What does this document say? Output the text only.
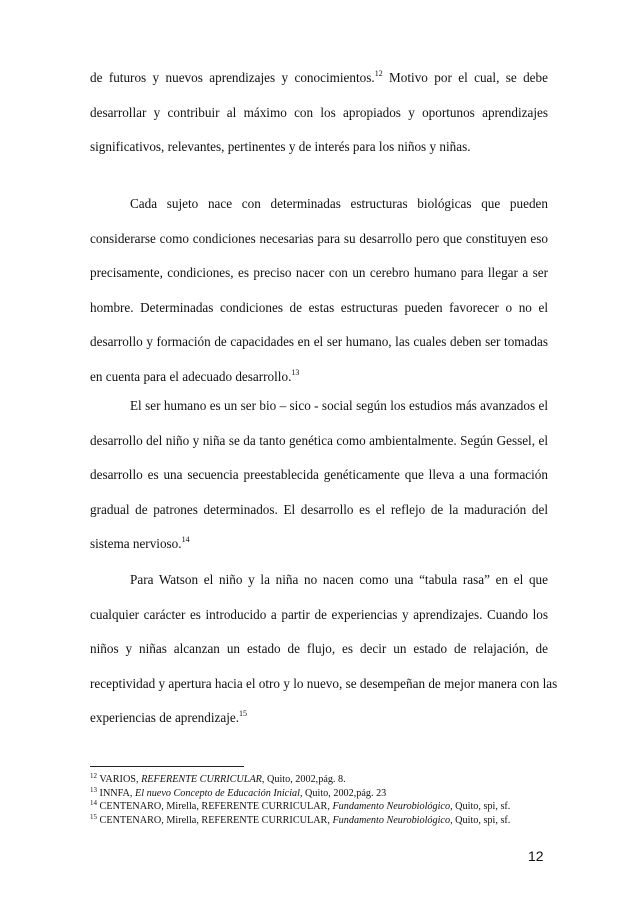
de futuros y nuevos aprendizajes y conocimientos.$^{12}$ Motivo por el cual, se debe
desarrollar y contribuir al máximo con los apropiados y oportunos aprendizajes
significativos, relevantes, pertinentes y de interés para los niños y niñas.
Cada sujeto nace con determinadas estructuras biológicas que pueden
considerarse como condiciones necesarias para su desarrollo pero que constituyen eso
precisamente, condiciones, es preciso nacer con un cerebro humano para llegar a ser
hombre. Determinadas condiciones de estas estructuras pueden favorecer o no el
desarrollo y formación de capacidades en el ser humano, las cuales deben ser tomadas
en cuenta para el adecuado desarrollo.$^{13}$
El ser humano es un ser bio – sico - social según los estudios más avanzados el
desarrollo del niño y niña se da tanto genética como ambientalmente. Según Gessel, el
desarrollo es una secuencia preestablecida genéticamente que lleva a una formación
gradual de patrones determinados. El desarrollo es el reflejo de la maduración del
sistema nervioso.$^{14}$
Para Watson el niño y la niña no nacen como una “tabula rasa” en el que
cualquier carácter es introducido a partir de experiencias y aprendizajes. Cuando los
niños y niñas alcanzan un estado de flujo, es decir un estado de relajación, de
receptividad y apertura hacia el otro y lo nuevo, se desempeñan de mejor manera con las
experiencias de aprendizaje.$^{15}$
$^{12}$ VARIOS, REFERENTE CURRICULAR, Quito, 2002,pág. 8.
$^{13}$ INNFA, El nuevo Concepto de Educación Inicial, Quito, 2002,pág. 23
$^{14}$ CENTENARO, Mirella, REFERENTE CURRICULAR, Fundamento Neurobiológico, Quito, spi, sf.
$^{15}$ CENTENARO, Mirella, REFERENTE CURRICULAR, Fundamento Neurobiológico, Quito, spi, sf.
12
